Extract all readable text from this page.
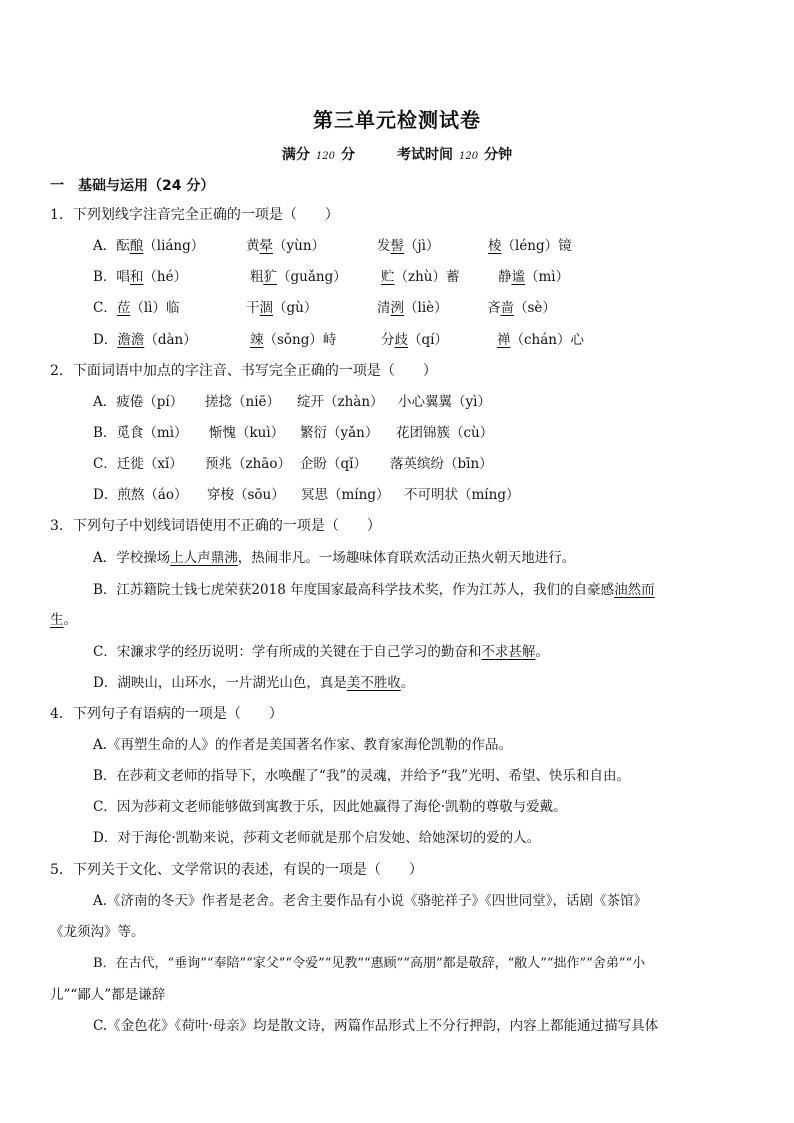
第三单元检测试卷
满分 120 分	考试时间 120 分钟
一　基础与运用（24 分）
1．下列划线字注音完全正确的一项是（　　）
A．酝酿（liáng）	黄晕（yùn）	发髻（jì）	棱（léng）镜
B．唱和（hé）	粗犷（guǎng）	贮（zhù）蓄	静谧（mì）
C．莅（lì）临	干涸（gù）	清洌（liè）	吝啬（sè）
D．澹澹（dàn）	竦（sǒng）峙	分歧（qí）	禅（chán）心
2．下面词语中加点的字注音、书写完全正确的一项是（　　）
A．疲倦（pí） 搓捻（niē） 绽开（zhàn） 小心翼翼（yì）
B．觅食（mì） 惭愧（kuì） 繁衍（yǎn） 花团锦簇（cù）
C．迁徙（xǐ） 预兆（zhāo） 企盼（qǐ） 落英缤纷（bīn）
D．煎熬（áo） 穿梭（sōu） 冥思（míng） 不可明状（míng）
3．下列句子中划线词语使用不正确的一项是（　　）
A．学校操场上人声鼎沸，热闹非凡。一场趣味体育联欢活动正热火朝天地进行。
B．江苏籍院士钱七虎荣获2018 年度国家最高科学技术奖，作为江苏人，我们的自豪感油然而
生。
C．宋濂求学的经历说明：学有所成的关键在于自己学习的勤奋和不求甚解。
D．湖映山，山环水，一片湖光山色，真是美不胜收。
4．下列句子有语病的一项是（　　）
A.《再塑生命的人》的作者是美国著名作家、教育家海伦凯勒的作品。
B．在莎莉文老师的指导下，水唤醒了“我”的灵魂，并给予“我”光明、希望、快乐和自由。
C．因为莎莉文老师能够做到寓教于乐，因此她赢得了海伦·凯勒的尊敬与爱戴。
D．对于海伦·凯勒来说，莎莉文老师就是那个启发她、给她深切的爱的人。
5．下列关于文化、文学常识的表述，有误的一项是（　　）
A.《济南的冬天》作者是老舍。老舍主要作品有小说《骆驼祥子》《四世同堂》，话剧《茶馆》
《龙须沟》等。
B．在古代，“垂询”“奉陪”“家父”“令爱”“见教”“惠顾”“高朋”都是敬辞，“敝人”“拙作”“舍弟”“小
儿”“鄙人”都是谦辞
C.《金色花》《荷叶·母亲》均是散文诗，两篇作品形式上不分行押韵，内容上都能通过描写具体
